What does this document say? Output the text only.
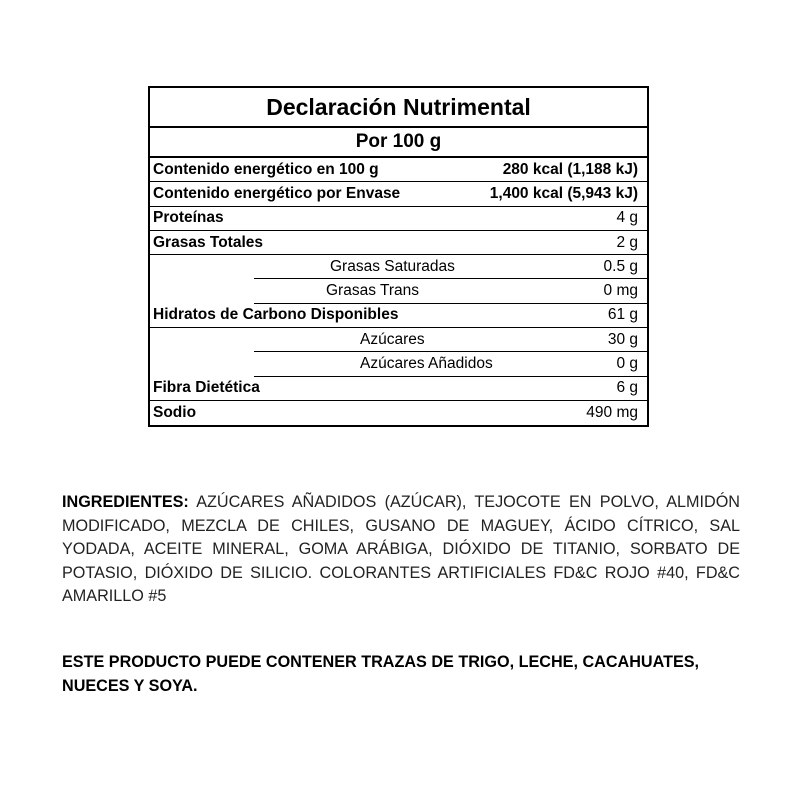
Declaración Nutrimental
Por 100 g
Contenido energético en 100 g	280 kcal (1,188 kJ)
Contenido energético por Envase	1,400 kcal (5,943 kJ)
Proteínas	4 g
Grasas Totales	2 g
Grasas Saturadas	0.5 g
Grasas Trans	0 mg
Hidratos de Carbono Disponibles	61 g
Azúcares	30 g
Azúcares Añadidos	0 g
Fibra Dietética	6 g
Sodio	490 mg
INGREDIENTES: AZÚCARES AÑADIDOS (AZÚCAR), TEJOCOTE EN POLVO, ALMIDÓN MODIFICADO, MEZCLA DE CHILES, GUSANO DE MAGUEY, ÁCIDO CÍTRICO, SAL YODADA, ACEITE MINERAL, GOMA ARÁBIGA, DIÓXIDO DE TITANIO, SORBATO DE POTASIO, DIÓXIDO DE SILICIO. COLORANTES ARTIFICIALES FD&C ROJO #40, FD&C AMARILLO #5
ESTE PRODUCTO PUEDE CONTENER TRAZAS DE TRIGO, LECHE, CACAHUATES, NUECES Y SOYA.
